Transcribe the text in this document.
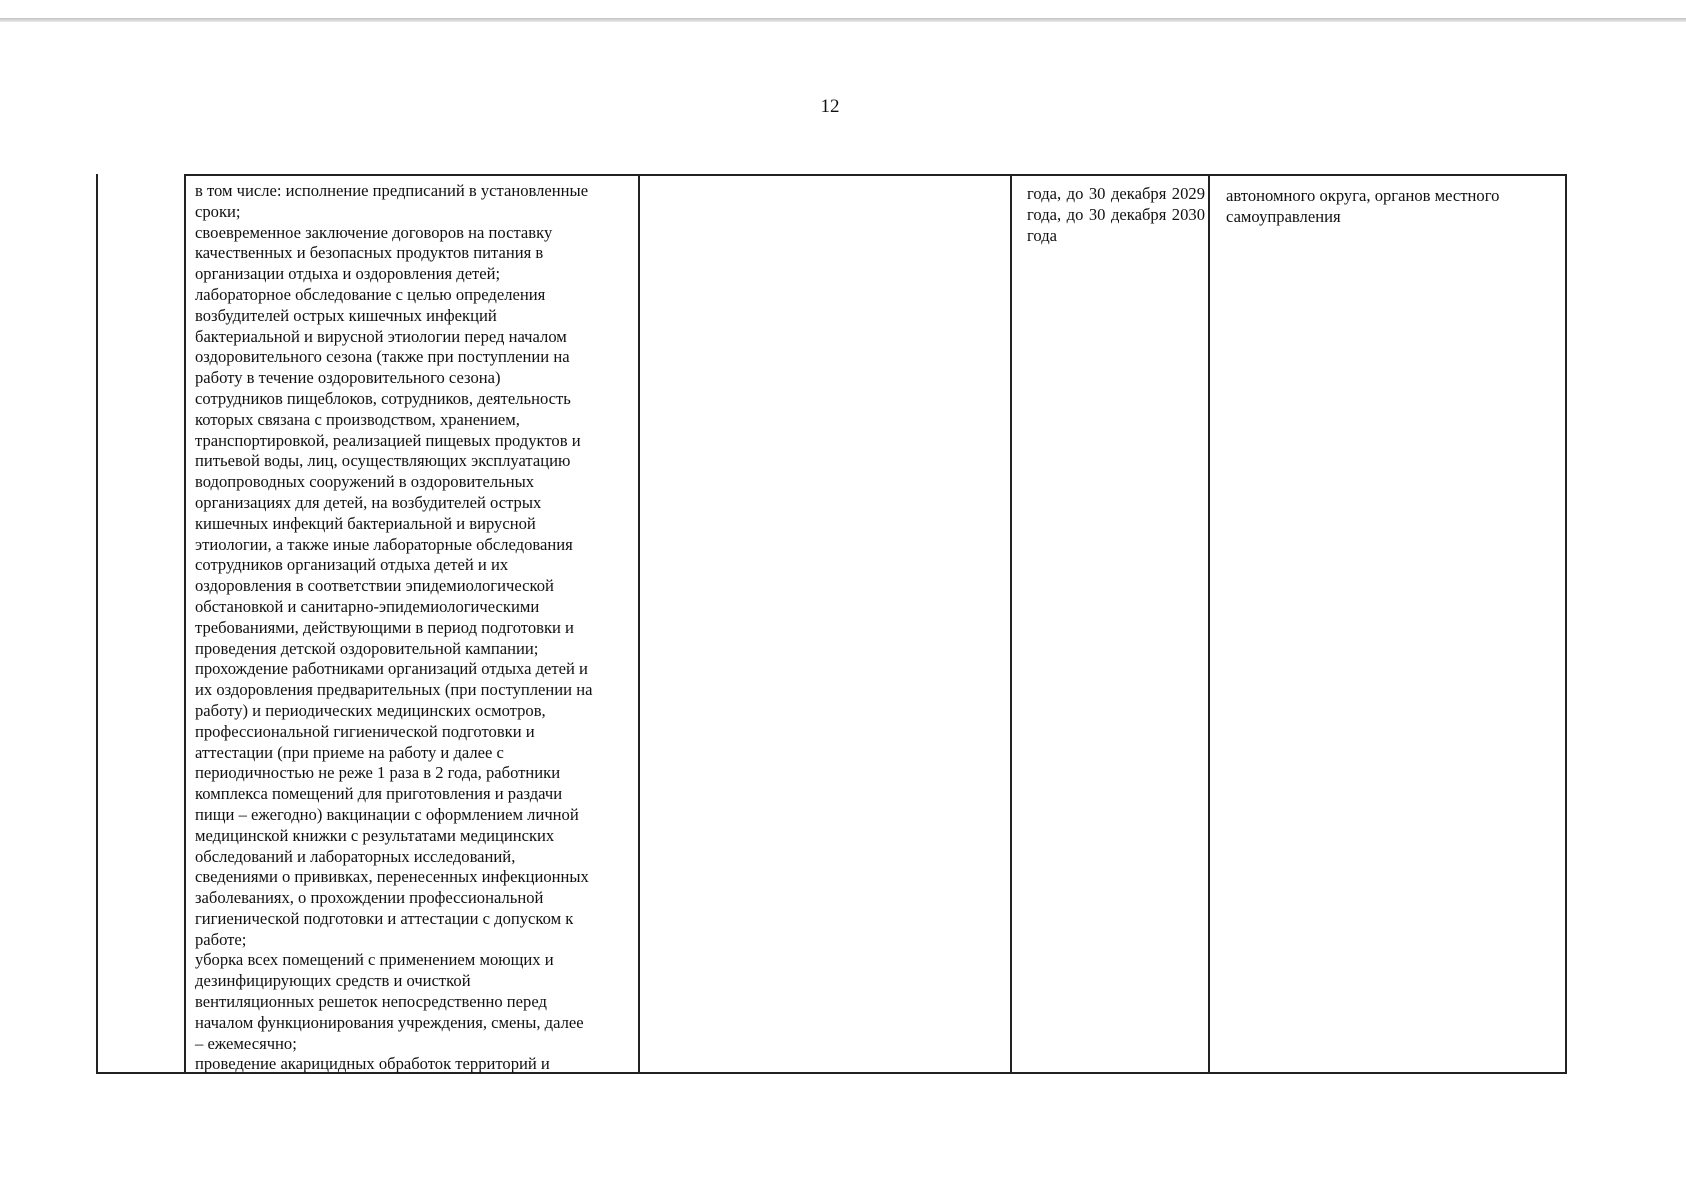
12
в том числе: исполнение предписаний в установленные
сроки;
своевременное заключение договоров на поставку
качественных и безопасных продуктов питания в
организации отдыха и оздоровления детей;
лабораторное обследование с целью определения
возбудителей острых кишечных инфекций
бактериальной и вирусной этиологии перед началом
оздоровительного сезона (также при поступлении на
работу в течение оздоровительного сезона)
сотрудников пищеблоков, сотрудников, деятельность
которых связана с производством, хранением,
транспортировкой, реализацией пищевых продуктов и
питьевой воды, лиц, осуществляющих эксплуатацию
водопроводных сооружений в оздоровительных
организациях для детей, на возбудителей острых
кишечных инфекций бактериальной и вирусной
этиологии, а также иные лабораторные обследования
сотрудников организаций отдыха детей и их
оздоровления в соответствии эпидемиологической
обстановкой и санитарно-эпидемиологическими
требованиями, действующими в период подготовки и
проведения детской оздоровительной кампании;
прохождение работниками организаций отдыха детей и
их оздоровления предварительных (при поступлении на
работу) и периодических медицинских осмотров,
профессиональной гигиенической подготовки и
аттестации (при приеме на работу и далее с
периодичностью не реже 1 раза в 2 года, работники
комплекса помещений для приготовления и раздачи
пищи – ежегодно) вакцинации с оформлением личной
медицинской книжки с результатами медицинских
обследований и лабораторных исследований,
сведениями о прививках, перенесенных инфекционных
заболеваниях, о прохождении профессиональной
гигиенической подготовки и аттестации с допуском к
работе;
уборка всех помещений с применением моющих и
дезинфицирующих средств и очисткой
вентиляционных решеток непосредственно перед
началом функционирования учреждения, смены, далее
– ежемесячно;
проведение акарицидных обработок территорий и
года, до 30 декабря 2029 года, до 30 декабря 2030 года
автономного округа, органов местного самоуправления
